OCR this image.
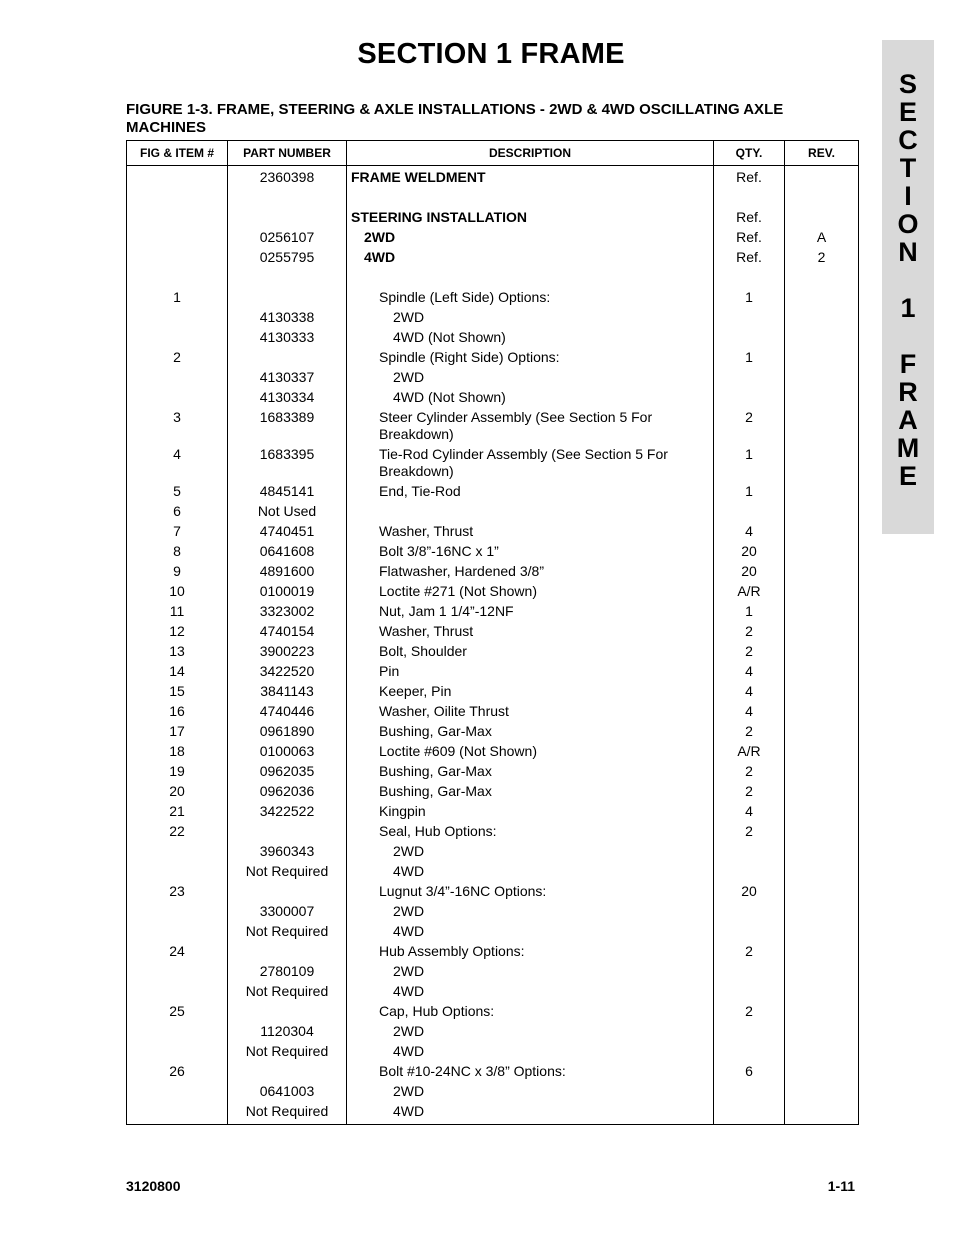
SECTION 1 FRAME
S
E
C
T
I
O
N
1
F
R
A
M
E
FIGURE 1-3. FRAME, STEERING & AXLE INSTALLATIONS - 2WD & 4WD OSCILLATING AXLE MACHINES
FIG & ITEM #	PART NUMBER	DESCRIPTION	QTY.	REV.
	2360398	FRAME WELDMENT	Ref.	

		STEERING INSTALLATION	Ref.	
	0256107	2WD	Ref.	A
	0255795	4WD	Ref.	2

1		Spindle (Left Side) Options:	1	
	4130338	2WD		
	4130333	4WD (Not Shown)		
2		Spindle (Right Side) Options:	1	
	4130337	2WD		
	4130334	4WD (Not Shown)		
3	1683389	Steer Cylinder Assembly (See Section 5 For Breakdown)	2	
4	1683395	Tie-Rod Cylinder Assembly (See Section 5 For Breakdown)	1	
5	4845141	End, Tie-Rod	1	
6	Not Used			
7	4740451	Washer, Thrust	4	
8	0641608	Bolt 3/8”-16NC x 1”	20	
9	4891600	Flatwasher, Hardened 3/8”	20	
10	0100019	Loctite #271 (Not Shown)	A/R	
11	3323002	Nut, Jam 1 1/4”-12NF	1	
12	4740154	Washer, Thrust	2	
13	3900223	Bolt, Shoulder	2	
14	3422520	Pin	4	
15	3841143	Keeper, Pin	4	
16	4740446	Washer, Oilite Thrust	4	
17	0961890	Bushing, Gar-Max	2	
18	0100063	Loctite #609 (Not Shown)	A/R	
19	0962035	Bushing, Gar-Max	2	
20	0962036	Bushing, Gar-Max	2	
21	3422522	Kingpin	4	
22		Seal, Hub Options:	2	
	3960343	2WD		
	Not Required	4WD		
23		Lugnut 3/4”-16NC Options:	20	
	3300007	2WD		
	Not Required	4WD		
24		Hub Assembly Options:	2	
	2780109	2WD		
	Not Required	4WD		
25		Cap, Hub Options:	2	
	1120304	2WD		
	Not Required	4WD		
26		Bolt #10-24NC x 3/8” Options:	6	
	0641003	2WD		
	Not Required	4WD		
3120800	1-11
